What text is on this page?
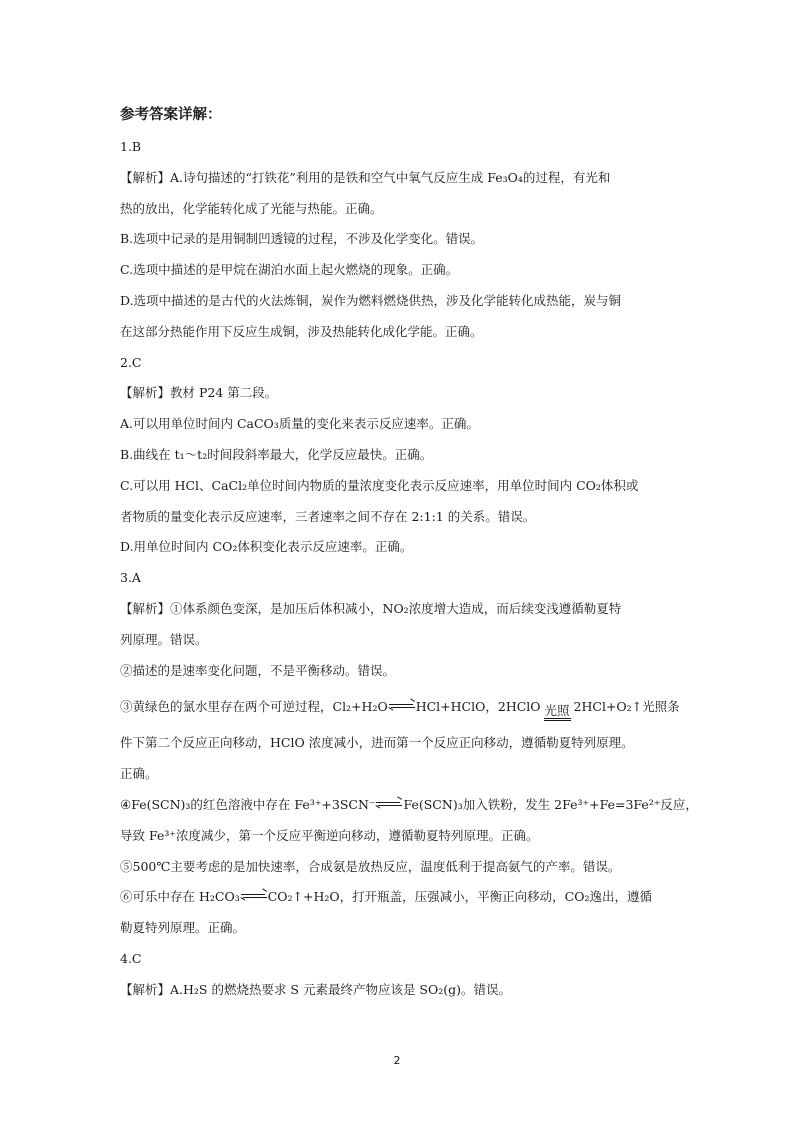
参考答案详解：
1.B
【解析】A.诗句描述的“打铁花”利用的是铁和空气中氧气反应生成 Fe₃O₄的过程，有光和
热的放出，化学能转化成了光能与热能。正确。
B.选项中记录的是用铜制凹透镜的过程，不涉及化学变化。错误。
C.选项中描述的是甲烷在湖泊水面上起火燃烧的现象。正确。
D.选项中描述的是古代的火法炼铜，炭作为燃料燃烧供热，涉及化学能转化成热能，炭与铜
在这部分热能作用下反应生成铜，涉及热能转化成化学能。正确。
2.C
【解析】教材 P24 第二段。
A.可以用单位时间内 CaCO₃质量的变化来表示反应速率。正确。
B.曲线在 t₁～t₂时间段斜率最大，化学反应最快。正确。
C.可以用 HCl、CaCl₂单位时间内物质的量浓度变化表示反应速率，用单位时间内 CO₂体积或
者物质的量变化表示反应速率，三者速率之间不存在 2:1:1 的关系。错误。
D.用单位时间内 CO₂体积变化表示反应速率。正确。
3.A
【解析】①体系颜色变深，是加压后体积减小，NO₂浓度增大造成，而后续变浅遵循勒夏特
列原理。错误。
②描述的是速率变化问题，不是平衡移动。错误。
③黄绿色的氯水里存在两个可逆过程，Cl₂+H₂O HCl+HClO，2HClO 光照 2HCl+O₂↑光照条
件下第二个反应正向移动，HClO 浓度减小，进而第一个反应正向移动，遵循勒夏特列原理。
正确。
④Fe(SCN)₃的红色溶液中存在 Fe³⁺+3SCN⁻ Fe(SCN)₃加入铁粉，发生 2Fe³⁺+Fe=3Fe²⁺反应，
导致 Fe³⁺浓度减少，第一个反应平衡逆向移动，遵循勒夏特列原理。正确。
⑤500℃主要考虑的是加快速率，合成氨是放热反应，温度低利于提高氨气的产率。错误。
⑥可乐中存在 H₂CO₃ CO₂↑+H₂O，打开瓶盖，压强减小，平衡正向移动，CO₂逸出，遵循
勒夏特列原理。正确。
4.C
【解析】A.H₂S 的燃烧热要求 S 元素最终产物应该是 SO₂(g)。错误。
2
